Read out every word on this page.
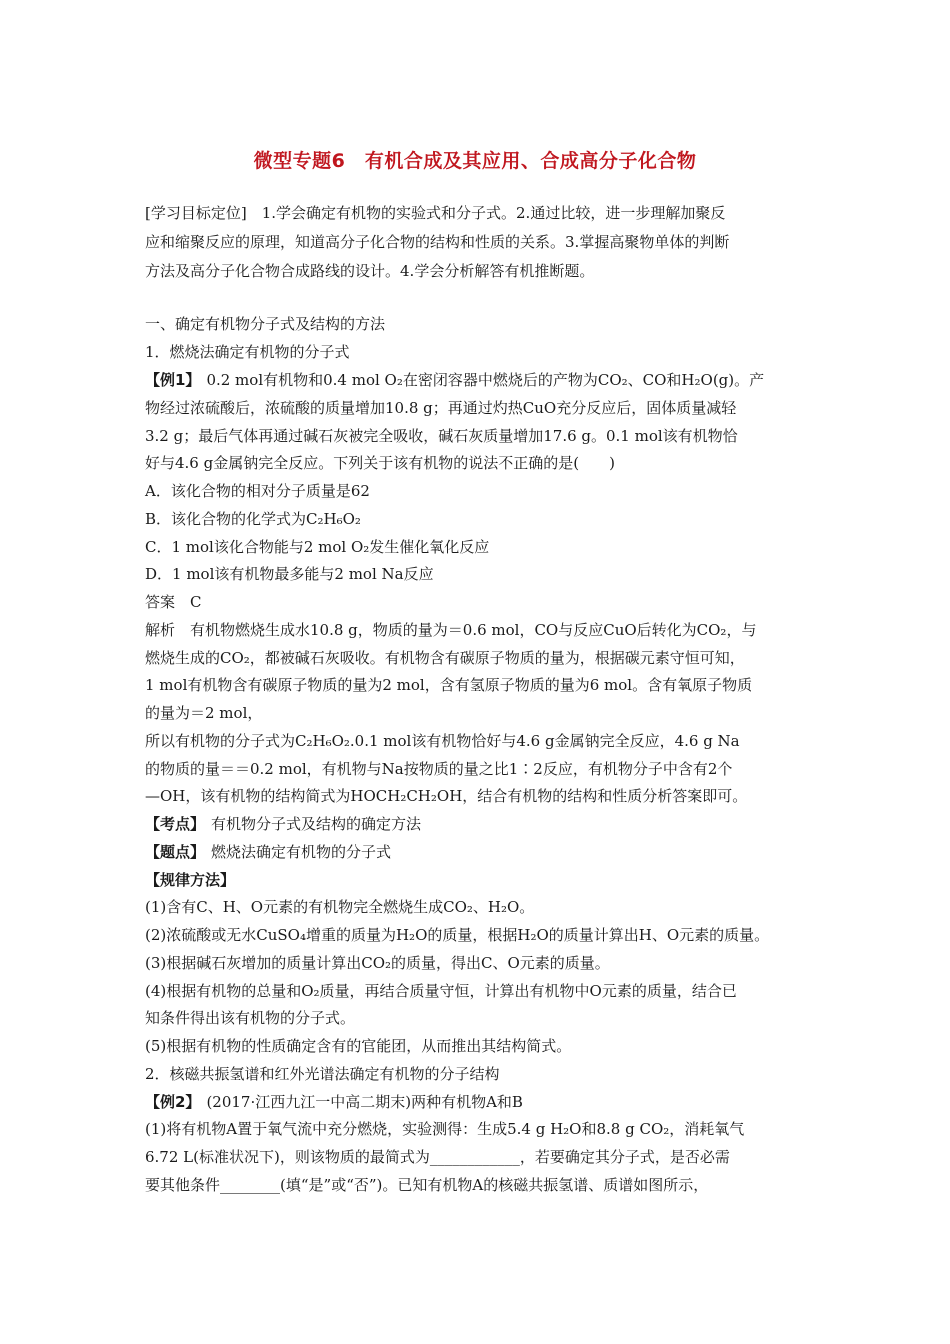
微型专题6　有机合成及其应用、合成高分子化合物
[学习目标定位]　1.学会确定有机物的实验式和分子式。2.通过比较，进一步理解加聚反
应和缩聚反应的原理，知道高分子化合物的结构和性质的关系。3.掌握高聚物单体的判断
方法及高分子化合物合成路线的设计。4.学会分析解答有机推断题。
一、确定有机物分子式及结构的方法
1．燃烧法确定有机物的分子式
【例1】 0.2 mol有机物和0.4 mol O₂在密闭容器中燃烧后的产物为CO₂、CO和H₂O(g)。产
物经过浓硫酸后，浓硫酸的质量增加10.8 g；再通过灼热CuO充分反应后，固体质量减轻
3.2 g；最后气体再通过碱石灰被完全吸收，碱石灰质量增加17.6 g。0.1 mol该有机物恰
好与4.6 g金属钠完全反应。下列关于该有机物的说法不正确的是(　　)
A．该化合物的相对分子质量是62
B．该化合物的化学式为C₂H₆O₂
C．1 mol该化合物能与2 mol O₂发生催化氧化反应
D．1 mol该有机物最多能与2 mol Na反应
答案　C
解析　有机物燃烧生成水10.8 g，物质的量为＝0.6 mol，CO与反应CuO后转化为CO₂，与
燃烧生成的CO₂，都被碱石灰吸收。有机物含有碳原子物质的量为，根据碳元素守恒可知，
1 mol有机物含有碳原子物质的量为2 mol，含有氢原子物质的量为6 mol。含有氧原子物质
的量为＝2 mol，
所以有机物的分子式为C₂H₆O₂.0.1 mol该有机物恰好与4.6 g金属钠完全反应，4.6 g Na
的物质的量＝＝0.2 mol，有机物与Na按物质的量之比1∶2反应，有机物分子中含有2个
—OH，该有机物的结构简式为HOCH₂CH₂OH，结合有机物的结构和性质分析答案即可。
【考点】 有机物分子式及结构的确定方法
【题点】 燃烧法确定有机物的分子式
【规律方法】
(1)含有C、H、O元素的有机物完全燃烧生成CO₂、H₂O。
(2)浓硫酸或无水CuSO₄增重的质量为H₂O的质量，根据H₂O的质量计算出H、O元素的质量。
(3)根据碱石灰增加的质量计算出CO₂的质量，得出C、O元素的质量。
(4)根据有机物的总量和O₂质量，再结合质量守恒，计算出有机物中O元素的质量，结合已
知条件得出该有机物的分子式。
(5)根据有机物的性质确定含有的官能团，从而推出其结构简式。
2．核磁共振氢谱和红外光谱法确定有机物的分子结构
【例2】 (2017·江西九江一中高二期末)两种有机物A和B
(1)将有机物A置于氧气流中充分燃烧，实验测得：生成5.4 g H₂O和8.8 g CO₂，消耗氧气
6.72 L(标准状况下)，则该物质的最简式为____________，若要确定其分子式，是否必需
要其他条件________(填“是”或“否”)。已知有机物A的核磁共振氢谱、质谱如图所示，
